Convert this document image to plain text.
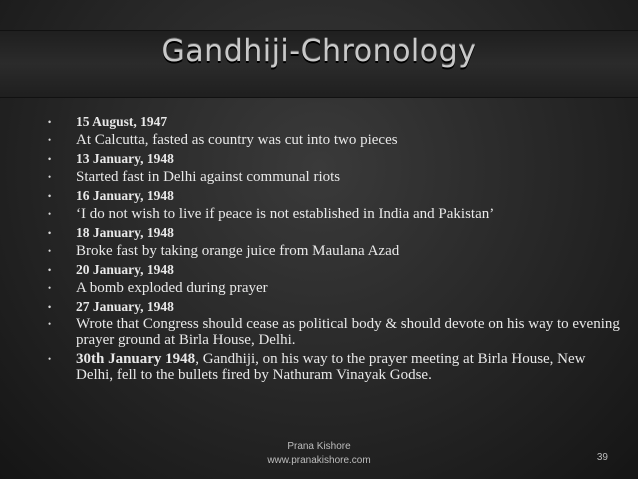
Gandhiji-Chronology
•
15 August, 1947
•
At Calcutta, fasted as country was cut into two pieces
•
13 January, 1948
•
Started fast in Delhi against communal riots
•
16 January, 1948
•
‘I do not wish to live if peace is not established in India and Pakistan’
•
18 January, 1948
•
Broke fast by taking orange juice from Maulana Azad
•
20 January, 1948
•
A bomb exploded during prayer
•
27 January, 1948
•
Wrote that Congress should cease as political body & should devote on his way to evening prayer ground at Birla House, Delhi.
•
30th January 1948, Gandhiji, on his way to the prayer meeting at Birla House, New Delhi, fell to the bullets fired by Nathuram Vinayak Godse.
Prana Kishore
www.pranakishore.com	39
